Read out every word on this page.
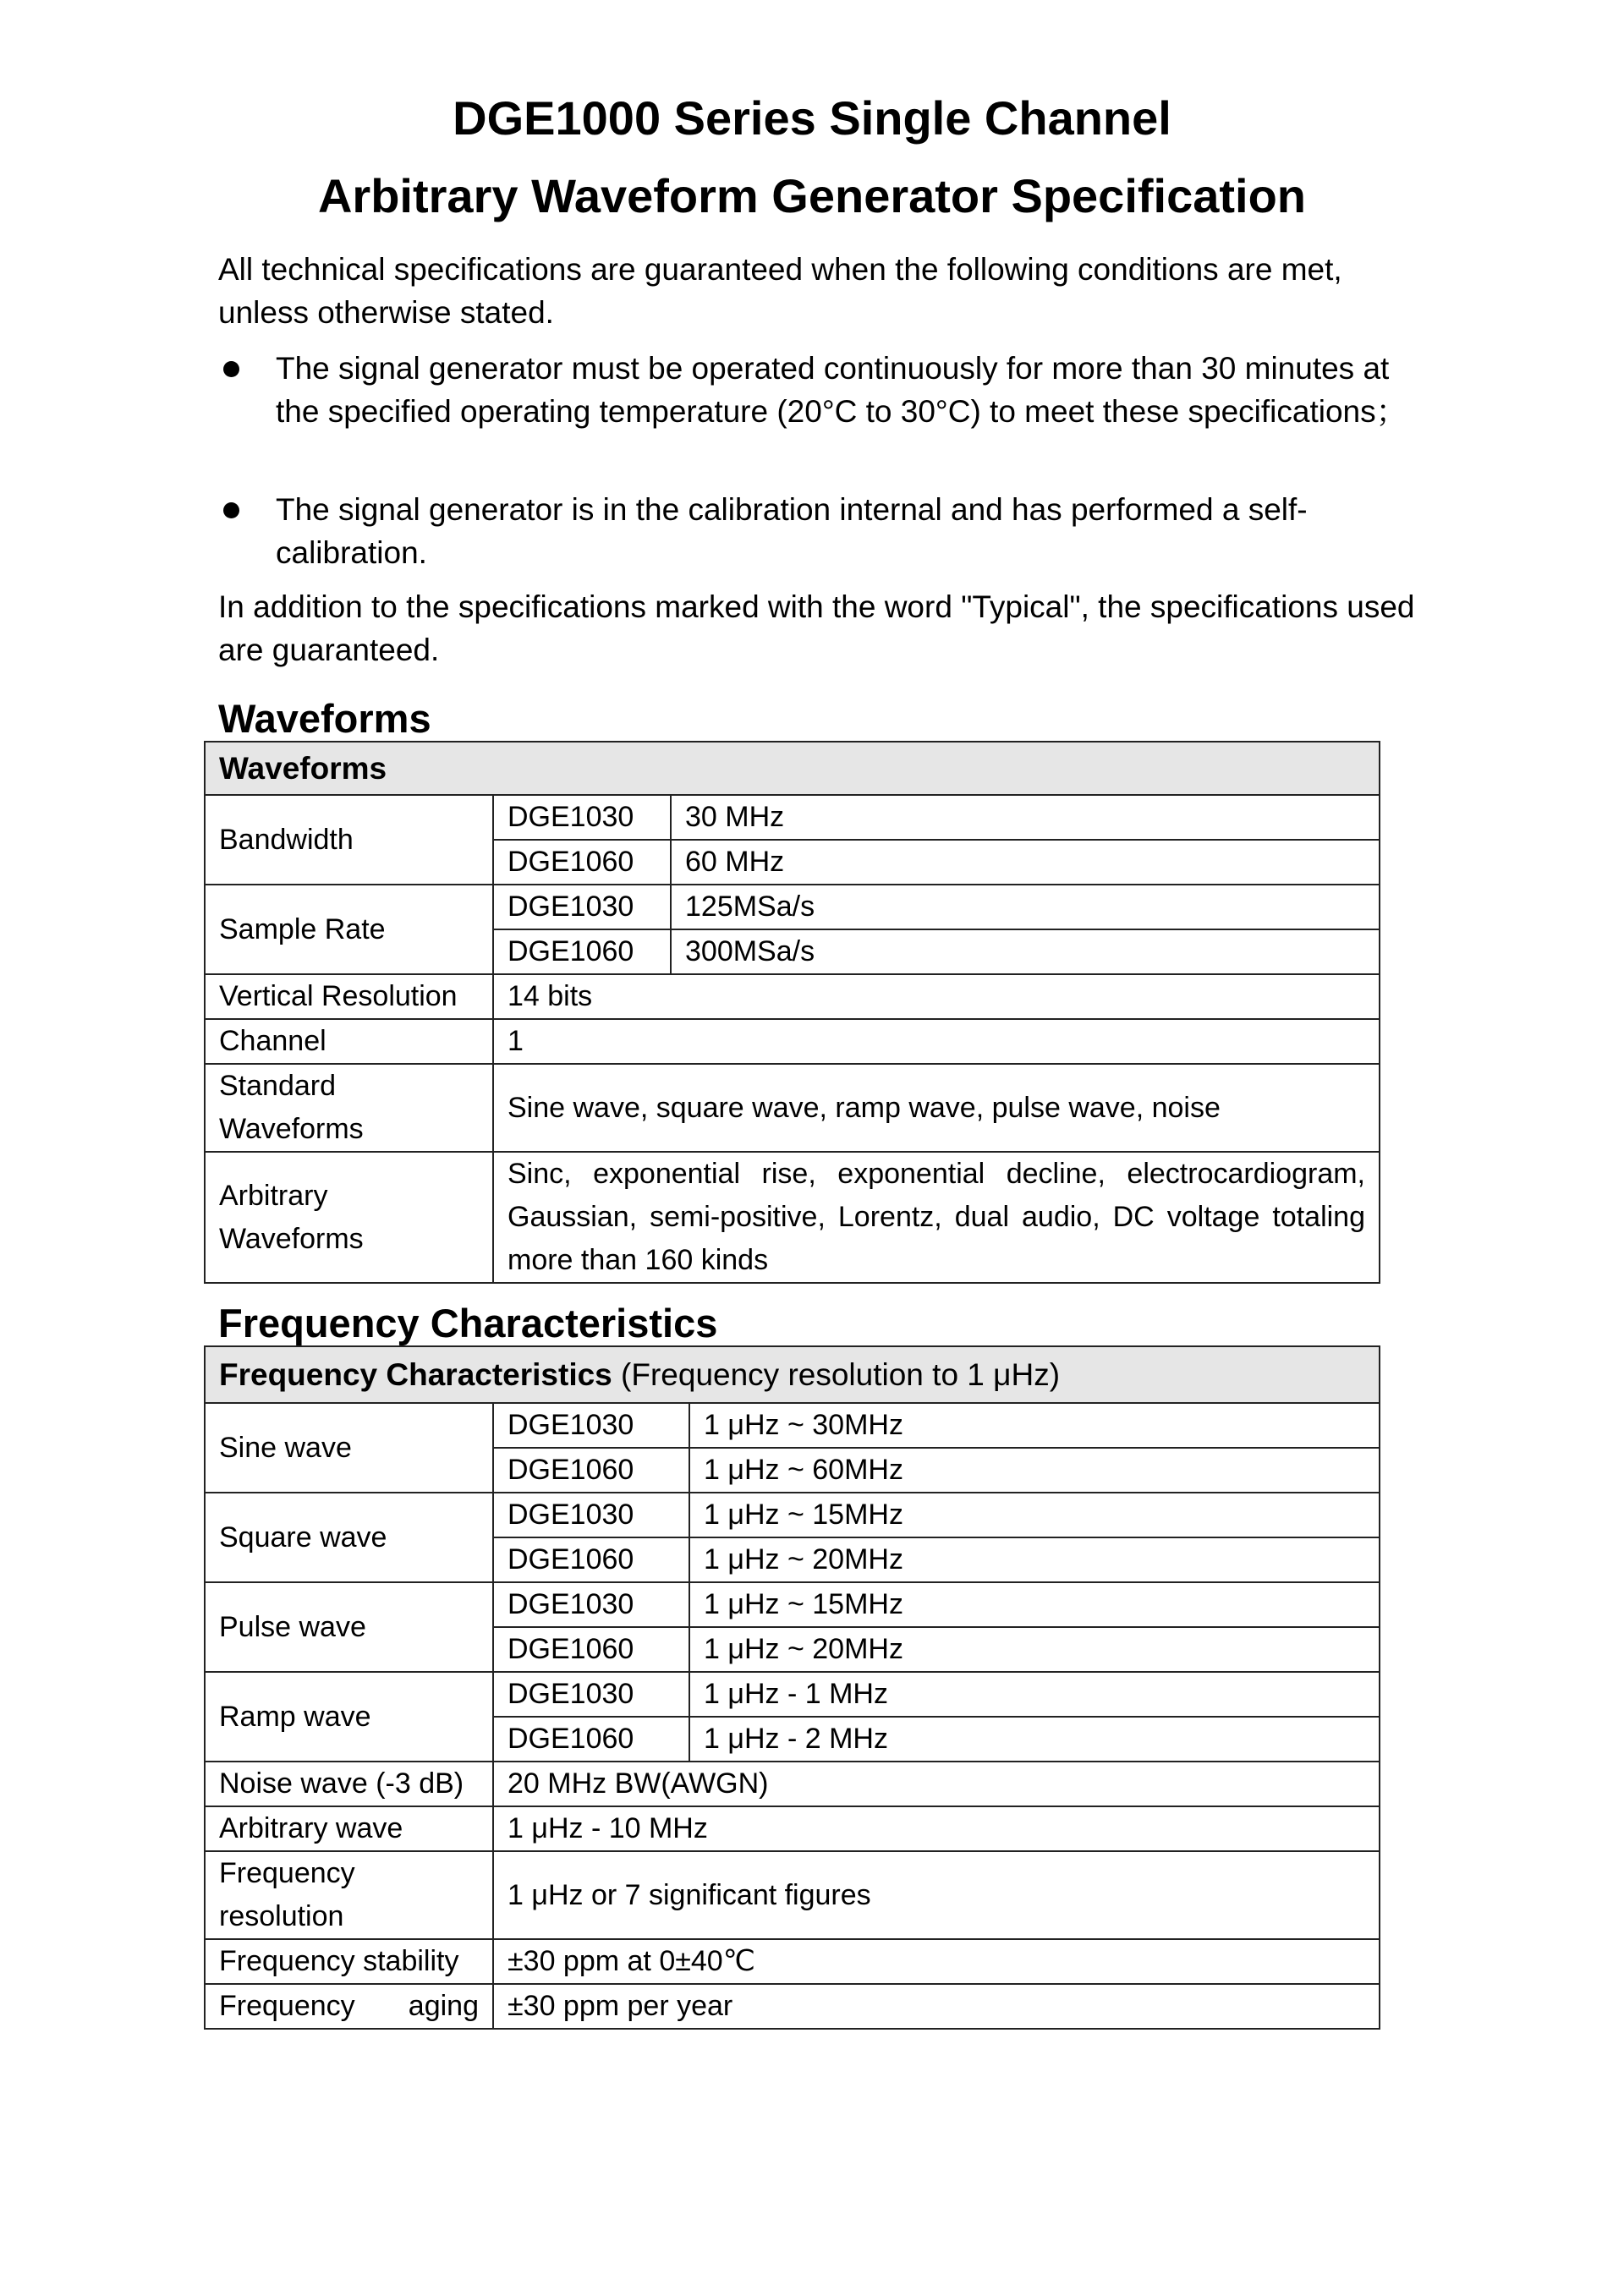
DGE1000 Series Single Channel
Arbitrary Waveform Generator Specification
All technical specifications are guaranteed when the following conditions are met, unless otherwise stated.
The signal generator must be operated continuously for more than 30 minutes at the specified operating temperature (20°C to 30°C) to meet these specifications；
The signal generator is in the calibration internal and has performed a self-calibration.
In addition to the specifications marked with the word "Typical", the specifications used are guaranteed.
Waveforms
Waveforms		
Bandwidth	DGE1030	30 MHz
	DGE1060	60 MHz
Sample Rate	DGE1030	125MSa/s
	DGE1060	300MSa/s
Vertical Resolution	14 bits	
Channel	1	

Standard
Waveforms	Sine wave, square wave, ramp wave, pulse wave, noise	

Arbitrary
Waveforms	Sinc, exponential rise, exponential decline, electrocardiogram, Gaussian, semi-positive, Lorentz, dual audio, DC voltage totaling more than 160 kinds	
Frequency Characteristics
Frequency Characteristics (Frequency resolution to 1 μHz)		
Sine wave	DGE1030	1 μHz ~ 30MHz
	DGE1060	1 μHz ~ 60MHz
Square wave	DGE1030	1 μHz ~ 15MHz
	DGE1060	1 μHz ~ 20MHz
Pulse wave	DGE1030	1 μHz ~ 15MHz
	DGE1060	1 μHz ~ 20MHz
Ramp wave	DGE1030	1 μHz - 1 MHz
	DGE1060	1 μHz - 2 MHz
Noise wave (-3 dB)	20 MHz BW(AWGN)	
Arbitrary wave	1 μHz - 10 MHz	

Frequency
resolution	1 μHz or 7 significant figures	
Frequency stability	±30 ppm at 0±40℃	
Frequency aging	±30 ppm per year	
